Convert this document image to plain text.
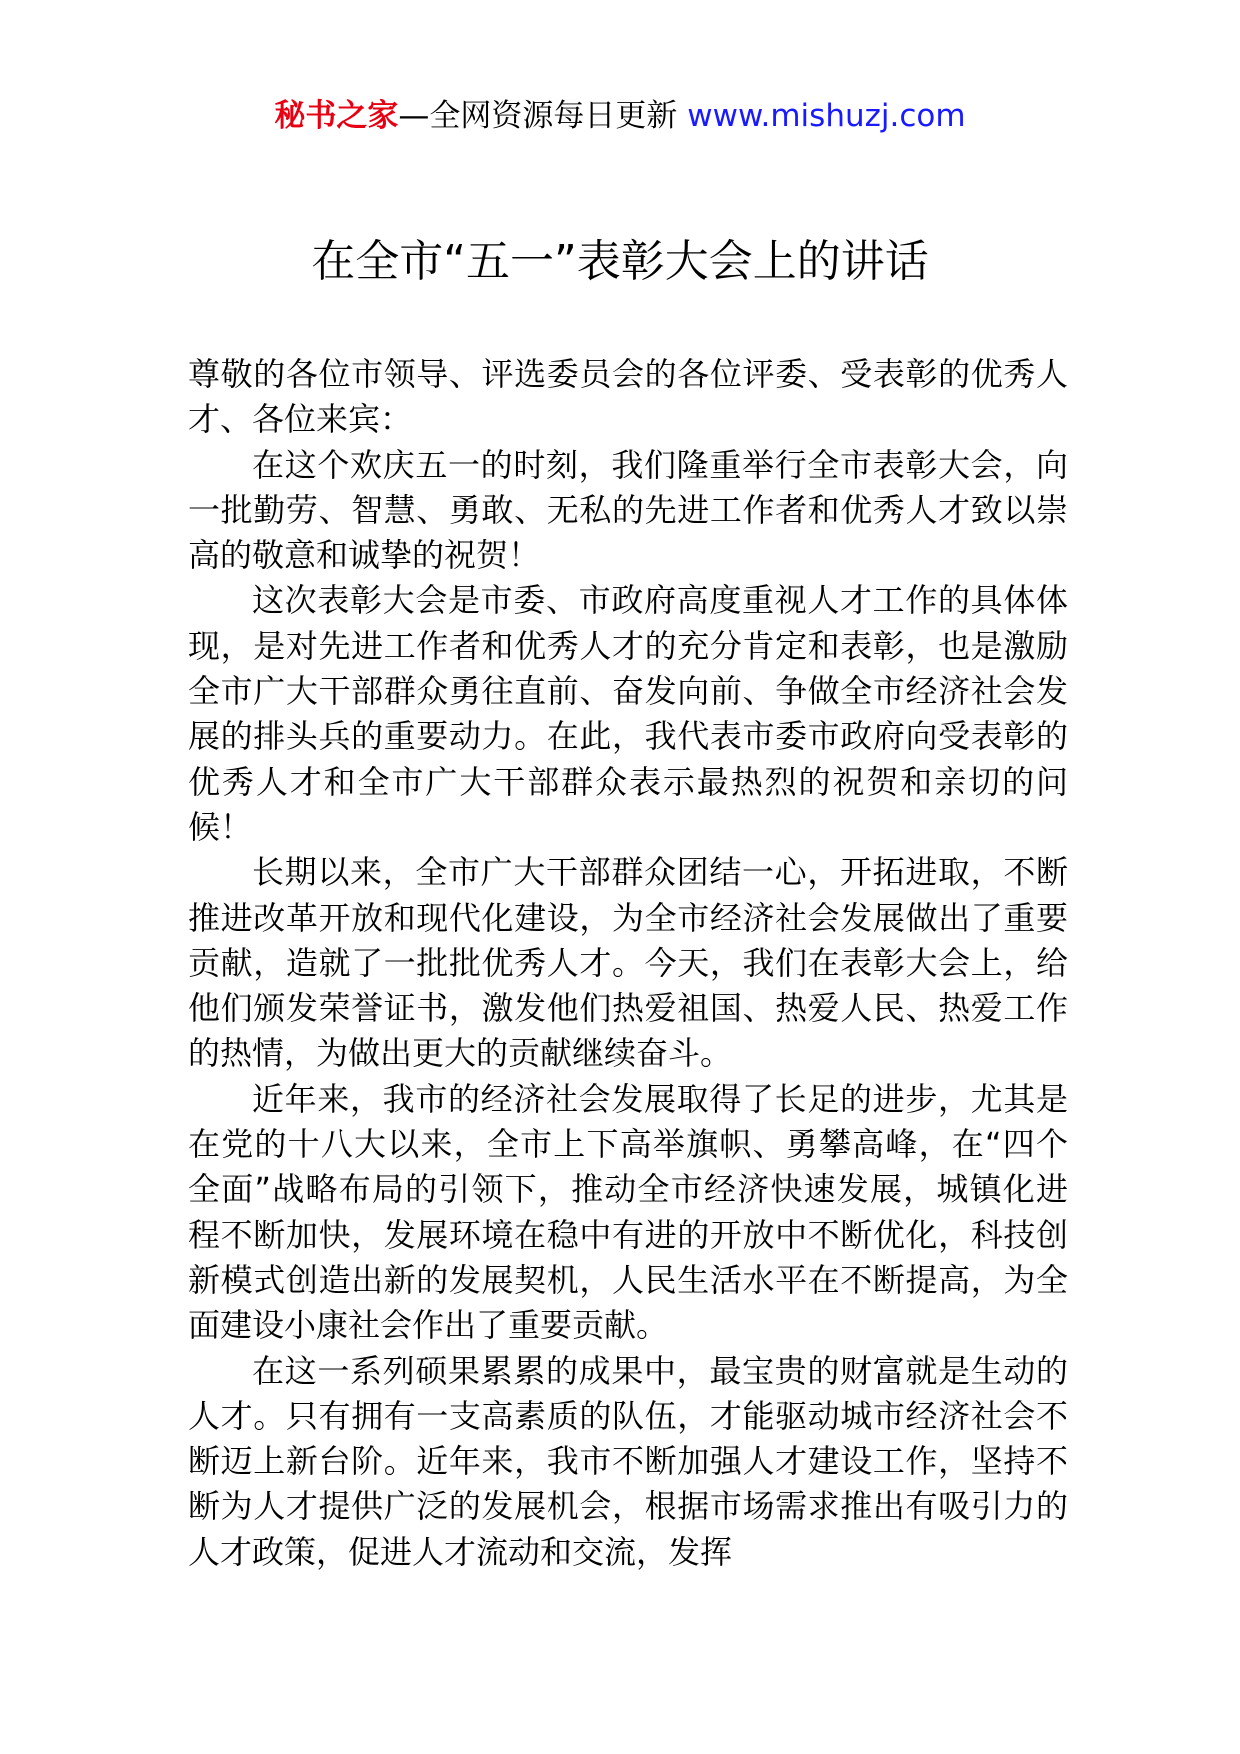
秘书之家—全网资源每日更新 www.mishuzj.com
在全市“五一”表彰大会上的讲话

尊敬的各位市领导、评选委员会的各位评委、受表彰的优秀人才、各位来宾：

在这个欢庆五一的时刻，我们隆重举行全市表彰大会，向一批勤劳、智慧、勇敢、无私的先进工作者和优秀人才致以崇高的敬意和诚挚的祝贺！

这次表彰大会是市委、市政府高度重视人才工作的具体体现，是对先进工作者和优秀人才的充分肯定和表彰，也是激励全市广大干部群众勇往直前、奋发向前、争做全市经济社会发展的排头兵的重要动力。在此，我代表市委市政府向受表彰的优秀人才和全市广大干部群众表示最热烈的祝贺和亲切的问候！

长期以来，全市广大干部群众团结一心，开拓进取，不断推进改革开放和现代化建设，为全市经济社会发展做出了重要贡献，造就了一批批优秀人才。今天，我们在表彰大会上，给他们颁发荣誉证书，激发他们热爱祖国、热爱人民、热爱工作的热情，为做出更大的贡献继续奋斗。

近年来，我市的经济社会发展取得了长足的进步，尤其是在党的十八大以来，全市上下高举旗帜、勇攀高峰，在“四个全面”战略布局的引领下，推动全市经济快速发展，城镇化进程不断加快，发展环境在稳中有进的开放中不断优化，科技创新模式创造出新的发展契机，人民生活水平在不断提高，为全面建设小康社会作出了重要贡献。

在这一系列硕果累累的成果中，最宝贵的财富就是生动的人才。只有拥有一支高素质的队伍，才能驱动城市经济社会不断迈上新台阶。近年来，我市不断加强人才建设工作，坚持不断为人才提供广泛的发展机会，根据市场需求推出有吸引力的人才政策，促进人才流动和交流，发挥
